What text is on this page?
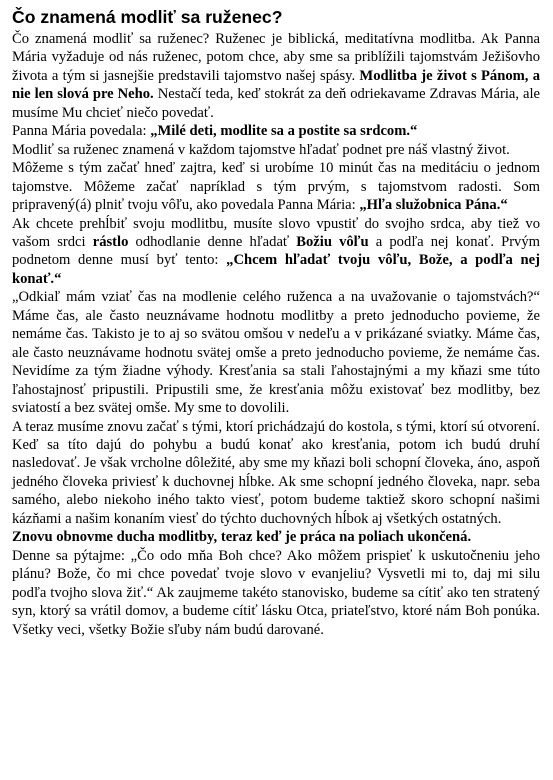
Čo znamená modliť sa ruženec?

Čo znamená modliť sa ruženec? Ruženec je biblická, meditatívna modlitba. Ak Panna Mária vyžaduje od nás ruženec, potom chce, aby sme sa priblížili tajomstvám Ježišovho života a tým si jasnejšie predstavili tajomstvo našej spásy. Modlitba je život s Pánom, a nie len slová pre Neho. Nestačí teda, keď stokrát za deň odriekavame Zdravas Mária, ale musíme Mu chcieť niečo povedať.

Panna Mária povedala: „Milé deti, modlite sa a postite sa srdcom.“

Modliť sa ruženec znamená v každom tajomstve hľadať podnet pre náš vlastný život.

Môžeme s tým začať hneď zajtra, keď si urobíme 10 minút čas na meditáciu o jednom tajomstve. Môžeme začať napríklad s tým prvým, s tajomstvom radosti. Som pripravený(á) plniť tvoju vôľu, ako povedala Panna Mária: „Hľa služobnica Pána.“

Ak chcete prehĺbiť svoju modlitbu, musíte slovo vpustiť do svojho srdca, aby tiež vo vašom srdci rástlo odhodlanie denne hľadať Božiu vôľu a podľa nej konať. Prvým podnetom denne musí byť tento: „Chcem hľadať tvoju vôľu, Bože, a podľa nej konať.“

„Odkiaľ mám vziať čas na modlenie celého ruženca a na uvažovanie o tajomstvách?“ Máme čas, ale často neuznávame hodnotu modlitby a preto jednoducho povieme, že nemáme čas. Takisto je to aj so svätou omšou v nedeľu a v prikázané sviatky. Máme čas, ale často neuznávame hodnotu svätej omše a preto jednoducho povieme, že nemáme čas. Nevidíme za tým žiadne výhody. Kresťania sa stali ľahostajnými a my kňazi sme túto ľahostajnosť pripustili. Pripustili sme, že kresťania môžu existovať bez modlitby, bez sviatostí a bez svätej omše. My sme to dovolili.

A teraz musíme znovu začať s tými, ktorí prichádzajú do kostola, s tými, ktorí sú otvorení. Keď sa títo dajú do pohybu a budú konať ako kresťania, potom ich budú druhí nasledovať. Je však vrcholne dôležité, aby sme my kňazi boli schopní človeka, áno, aspoň jedného človeka priviesť k duchovnej hĺbke. Ak sme schopní jedného človeka, napr. seba samého, alebo niekoho iného takto viesť, potom budeme taktiež skoro schopní našimi kázňami a našim konaním viesť do týchto duchovných hĺbok aj všetkých ostatných.

Znovu obnovme ducha modlitby, teraz keď je práca na poliach ukončená.

Denne sa pýtajme: „Čo odo mňa Boh chce? Ako môžem prispieť k uskutočneniu jeho plánu? Bože, čo mi chce povedať tvoje slovo v evanjeliu? Vysvetli mi to, daj mi silu podľa tvojho slova žiť.“ Ak zaujmeme takéto stanovisko, budeme sa cítiť ako ten stratený syn, ktorý sa vrátil domov, a budeme cítiť lásku Otca, priateľstvo, ktoré nám Boh ponúka. Všetky veci, všetky Božie sľuby nám budú darované.
